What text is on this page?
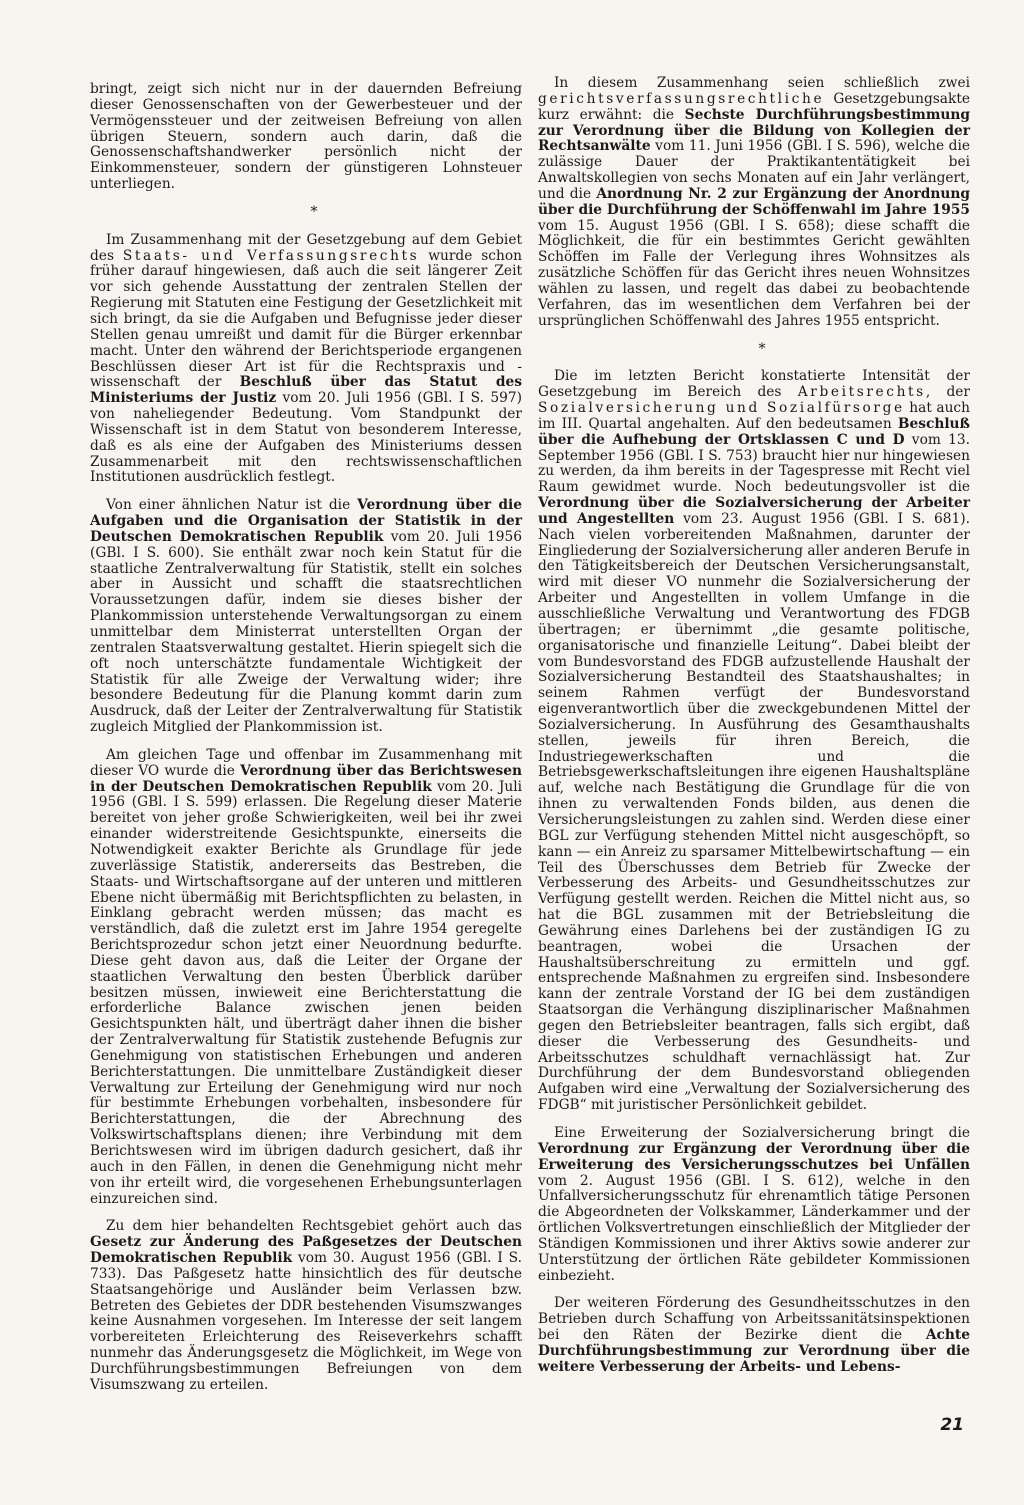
bringt, zeigt sich nicht nur in der dauernden Befreiung dieser Genossenschaften von der Gewerbesteuer und der Vermögenssteuer und der zeitweisen Befreiung von allen übrigen Steuern, sondern auch darin, daß die Genossenschaftshandwerker persönlich nicht der Einkommensteuer, sondern der günstigeren Lohnsteuer unterliegen.

*

Im Zusammenhang mit der Gesetzgebung auf dem Gebiet des Staats- und Verfassungsrechts wurde schon früher darauf hingewiesen, daß auch die seit längerer Zeit vor sich gehende Ausstattung der zentralen Stellen der Regierung mit Statuten eine Festigung der Gesetzlichkeit mit sich bringt, da sie die Aufgaben und Befugnisse jeder dieser Stellen genau umreißt und damit für die Bürger erkennbar macht. Unter den während der Berichtsperiode ergangenen Beschlüssen dieser Art ist für die Rechtspraxis und -wissenschaft der Beschluß über das Statut des Ministeriums der Justiz vom 20. Juli 1956 (GBl. I S. 597) von naheliegender Bedeutung. Vom Standpunkt der Wissenschaft ist in dem Statut von besonderem Interesse, daß es als eine der Aufgaben des Ministeriums dessen Zusammenarbeit mit den rechtswissenschaftlichen Institutionen ausdrücklich festlegt.

Von einer ähnlichen Natur ist die Verordnung über die Aufgaben und die Organisation der Statistik in der Deutschen Demokratischen Republik vom 20. Juli 1956 (GBl. I S. 600). Sie enthält zwar noch kein Statut für die staatliche Zentralverwaltung für Statistik, stellt ein solches aber in Aussicht und schafft die staatsrechtlichen Voraussetzungen dafür, indem sie dieses bisher der Plankommission unterstehende Verwaltungsorgan zu einem unmittelbar dem Ministerrat unterstellten Organ der zentralen Staatsverwaltung gestaltet. Hierin spiegelt sich die oft noch unterschätzte fundamentale Wichtigkeit der Statistik für alle Zweige der Verwaltung wider; ihre besondere Bedeutung für die Planung kommt darin zum Ausdruck, daß der Leiter der Zentralverwaltung für Statistik zugleich Mitglied der Plankommission ist.

Am gleichen Tage und offenbar im Zusammenhang mit dieser VO wurde die Verordnung über das Berichtswesen in der Deutschen Demokratischen Republik vom 20. Juli 1956 (GBl. I S. 599) erlassen. Die Regelung dieser Materie bereitet von jeher große Schwierigkeiten, weil bei ihr zwei einander widerstreitende Gesichtspunkte, einerseits die Notwendigkeit exakter Berichte als Grundlage für jede zuverlässige Statistik, andererseits das Bestreben, die Staats- und Wirtschaftsorgane auf der unteren und mittleren Ebene nicht übermäßig mit Berichtspflichten zu belasten, in Einklang gebracht werden müssen; das macht es verständlich, daß die zuletzt erst im Jahre 1954 geregelte Berichtsprozedur schon jetzt einer Neuordnung bedurfte. Diese geht davon aus, daß die Leiter der Organe der staatlichen Verwaltung den besten Überblick darüber besitzen müssen, inwieweit eine Berichterstattung die erforderliche Balance zwischen jenen beiden Gesichtspunkten hält, und überträgt daher ihnen die bisher der Zentralverwaltung für Statistik zustehende Befugnis zur Genehmigung von statistischen Erhebungen und anderen Berichterstattungen. Die unmittelbare Zuständigkeit dieser Verwaltung zur Erteilung der Genehmigung wird nur noch für bestimmte Erhebungen vorbehalten, insbesondere für Berichterstattungen, die der Abrechnung des Volkswirtschaftsplans dienen; ihre Verbindung mit dem Berichtswesen wird im übrigen dadurch gesichert, daß ihr auch in den Fällen, in denen die Genehmigung nicht mehr von ihr erteilt wird, die vorgesehenen Erhebungsunterlagen einzureichen sind.

Zu dem hier behandelten Rechtsgebiet gehört auch das Gesetz zur Änderung des Paßgesetzes der Deutschen Demokratischen Republik vom 30. August 1956 (GBl. I S. 733). Das Paßgesetz hatte hinsichtlich des für deutsche Staatsangehörige und Ausländer beim Verlassen bzw. Betreten des Gebietes der DDR bestehenden Visumszwanges keine Ausnahmen vorgesehen. Im Interesse der seit langem vorbereiteten Erleichterung des Reiseverkehrs schafft nunmehr das Änderungsgesetz die Möglichkeit, im Wege von Durchführungsbestimmungen Befreiungen von dem Visumszwang zu erteilen.

In diesem Zusammenhang seien schließlich zwei gerichtsverfassungsrechtliche Gesetzgebungsakte kurz erwähnt: die Sechste Durchführungsbestimmung zur Verordnung über die Bildung von Kollegien der Rechtsanwälte vom 11. Juni 1956 (GBl. I S. 596), welche die zulässige Dauer der Praktikantentätigkeit bei Anwaltskollegien von sechs Monaten auf ein Jahr verlängert, und die Anordnung Nr. 2 zur Ergänzung der Anordnung über die Durchführung der Schöffenwahl im Jahre 1955 vom 15. August 1956 (GBl. I S. 658); diese schafft die Möglichkeit, die für ein bestimmtes Gericht gewählten Schöffen im Falle der Verlegung ihres Wohnsitzes als zusätzliche Schöffen für das Gericht ihres neuen Wohnsitzes wählen zu lassen, und regelt das dabei zu beobachtende Verfahren, das im wesentlichen dem Verfahren bei der ursprünglichen Schöffenwahl des Jahres 1955 entspricht.

*

Die im letzten Bericht konstatierte Intensität der Gesetzgebung im Bereich des Arbeitsrechts, der Sozialversicherung und Sozialfürsorge hat auch im III. Quartal angehalten. Auf den bedeutsamen Beschluß über die Aufhebung der Ortsklassen C und D vom 13. September 1956 (GBl. I S. 753) braucht hier nur hingewiesen zu werden, da ihm bereits in der Tagespresse mit Recht viel Raum gewidmet wurde. Noch bedeutungsvoller ist die Verordnung über die Sozialversicherung der Arbeiter und Angestellten vom 23. August 1956 (GBl. I S. 681). Nach vielen vorbereitenden Maßnahmen, darunter der Eingliederung der Sozialversicherung aller anderen Berufe in den Tätigkeitsbereich der Deutschen Versicherungsanstalt, wird mit dieser VO nunmehr die Sozialversicherung der Arbeiter und Angestellten in vollem Umfange in die ausschließliche Verwaltung und Verantwortung des FDGB übertragen; er übernimmt „die gesamte politische, organisatorische und finanzielle Leitung“. Dabei bleibt der vom Bundesvorstand des FDGB aufzustellende Haushalt der Sozialversicherung Bestandteil des Staatshaushaltes; in seinem Rahmen verfügt der Bundesvorstand eigenverantwortlich über die zweckgebundenen Mittel der Sozialversicherung. In Ausführung des Gesamthaushalts stellen, jeweils für ihren Bereich, die Industriegewerkschaften und die Betriebsgewerkschaftsleitungen ihre eigenen Haushaltspläne auf, welche nach Bestätigung die Grundlage für die von ihnen zu verwaltenden Fonds bilden, aus denen die Versicherungsleistungen zu zahlen sind. Werden diese einer BGL zur Verfügung stehenden Mittel nicht ausgeschöpft, so kann — ein Anreiz zu sparsamer Mittelbewirtschaftung — ein Teil des Überschusses dem Betrieb für Zwecke der Verbesserung des Arbeits- und Gesundheitsschutzes zur Verfügung gestellt werden. Reichen die Mittel nicht aus, so hat die BGL zusammen mit der Betriebsleitung die Gewährung eines Darlehens bei der zuständigen IG zu beantragen, wobei die Ursachen der Haushaltsüberschreitung zu ermitteln und ggf. entsprechende Maßnahmen zu ergreifen sind. Insbesondere kann der zentrale Vorstand der IG bei dem zuständigen Staatsorgan die Verhängung disziplinarischer Maßnahmen gegen den Betriebsleiter beantragen, falls sich ergibt, daß dieser die Verbesserung des Gesundheits- und Arbeitsschutzes schuldhaft vernachlässigt hat. Zur Durchführung der dem Bundesvorstand obliegenden Aufgaben wird eine „Verwaltung der Sozialversicherung des FDGB“ mit juristischer Persönlichkeit gebildet.

Eine Erweiterung der Sozialversicherung bringt die Verordnung zur Ergänzung der Verordnung über die Erweiterung des Versicherungsschutzes bei Unfällen vom 2. August 1956 (GBl. I S. 612), welche in den Unfallversicherungsschutz für ehrenamtlich tätige Personen die Abgeordneten der Volkskammer, Länderkammer und der örtlichen Volksvertretungen einschließlich der Mitglieder der Ständigen Kommissionen und ihrer Aktivs sowie anderer zur Unterstützung der örtlichen Räte gebildeter Kommissionen einbezieht.

Der weiteren Förderung des Gesundheitsschutzes in den Betrieben durch Schaffung von Arbeitssanitätsinspektionen bei den Räten der Bezirke dient die Achte Durchführungsbestimmung zur Verordnung über die weitere Verbesserung der Arbeits- und Lebens-

21
